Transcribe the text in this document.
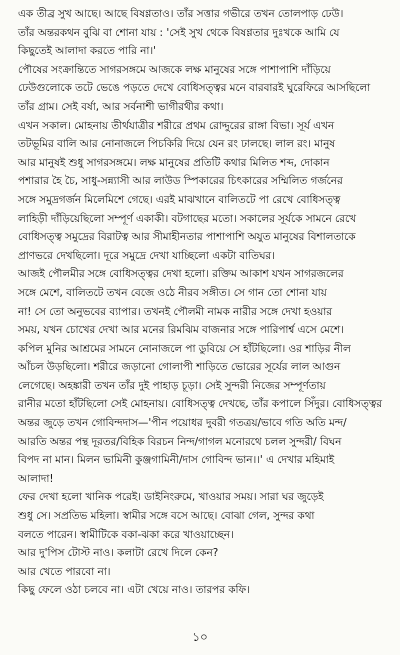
এক তীব্র সুখ আছে। আছে বিষণ্ণতাও। তাঁর সত্তার গভীরে তখন তোলপাড় ঢেউ।
তাঁর অন্তরকথন বুঝি বা শোনা যায় : 'সেই সুখ থেকে বিষণ্ণতার দুঃখকে আমি যে
কিছুতেই আলাদা করতে পারি না।'

পৌষের সংক্রান্তিতে সাগরসঙ্গমে আজকে লক্ষ মানুষের সঙ্গে পাশাপাশি দাঁড়িয়ে
ঢেউগুলোকে তটে ভেঙে পড়তে দেখে বোধিসত্ত্বর মনে বারবারই ঘুরেফিরে আসছিলো
তাঁর গ্রাম। সেই বর্ষা, আর সর্বনাশী ভাগীরথীর কথা।

এখন সকাল। মোহনায় তীর্থযাত্রীর শরীরে প্রথম রোদ্দুরের রাঙ্গা বিভা। সূর্য এখন
তটভূমির বালি আর নোনাজলে পিচকিরি দিয়ে যেন রং ঢালছে। লাল রং। মানুষ
আর মানুষই শুধু সাগরসঙ্গমে। লক্ষ মানুষের প্রতিটি কথার মিলিত শব্দ, দোকান
পশারার হৈ চৈ, সাধু-সন্ন্যাসী আর লাউড স্পিকারের চিৎকারের সম্মিলিত গর্জনের
সঙ্গে সমুদ্রগর্জন মিলেমিশে গেছে। এরই মাঝখানে বালিতটে পা রেখে বোধিসত্ত্ব
লাহিড়ী দাঁড়িয়েছিলো সম্পূর্ণ একাকী। বটগাছের মতো। সকালের সূর্যকে সামনে রেখে
বোধিসত্ত্ব সমুদ্রের বিরাটত্ব আর সীমাহীনতার পাশাপাশি অযুত মানুষের বিশালতাকে
প্রাণভরে দেখছিলো। দূরে সমুদ্রে দেখা যাচ্ছিলো একটা বাতিঘর।

আজই পৌলমীর সঙ্গে বোধিসত্ত্বর দেখা হলো। রক্তিম আকাশ যখন সাগরজলের
সঙ্গে মেশে, বালিতটে তখন বেজে ওঠে নীরব সঙ্গীত। সে গান তো শোনা যায়
না! সে তো অনুভবের ব্যাপার। তখনই পৌলমী নামক নারীর সঙ্গে দেখা হওয়ার
সময়, যখন চোখের দেখা আর মনের রিমঝিম বাজনার সঙ্গে পারিপার্শ্ব এসে মেশে।
কপিল মুনির আশ্রমের সামনে নোনাজলে পা ডুবিয়ে সে হাঁটছিলো। ওর শাড়ির নীল
আঁচল উড়ছিলো। শরীরে জড়ানো গোলাপী শাড়িতে ভোরের সূর্যের লাল আগুন
লেগেছে। অহঙ্কারী তখন তাঁর দুই পাহাড় চূড়া। সেই সুন্দরী নিজের সম্পূর্ণতায়
রানীর মতো হাঁটছিলো সেই মোহনায়। বোধিসত্ত্ব দেখছে, তাঁর কপালে সিঁদুর। বোধিসত্ত্বর
অন্তর জুড়ে তখন গোবিন্দদাস—'পীন পয়োধর দুবরী গতত্রয়/ভাবে গতি অতি মন্দ/
আরতি অন্তর পন্থ দূরতর/বিহিক বিরচন নিন্দ/গাগল মনোরথে চলল সুন্দরী/ বিঘন
বিপদ না মান। মিলন ভামিনী কুঞ্জগামিনী/দাস গোবিন্দ ভান।।' এ দেখার মহিমাই
আলাদা!

ফের দেখা হলো খানিক পরেই। ডাইনিংরুমে, খাওয়ার সময়। সারা ঘর জুড়েই
শুধু সে। সপ্রতিভ মহিলা। স্বামীর সঙ্গে বসে আছে। বোঝা গেল, সুন্দর কথা
বলতে পারেন। স্বামীটিকে বকা-ঝকা করে খাওয়াচ্ছেন।

আর দু'পিস টোস্ট নাও। কলাটা রেখে দিলে কেন?
আর খেতে পারবো না।
কিছু ফেলে ওঠা চলবে না। এটা খেয়ে নাও। তারপর কফি।

১০
